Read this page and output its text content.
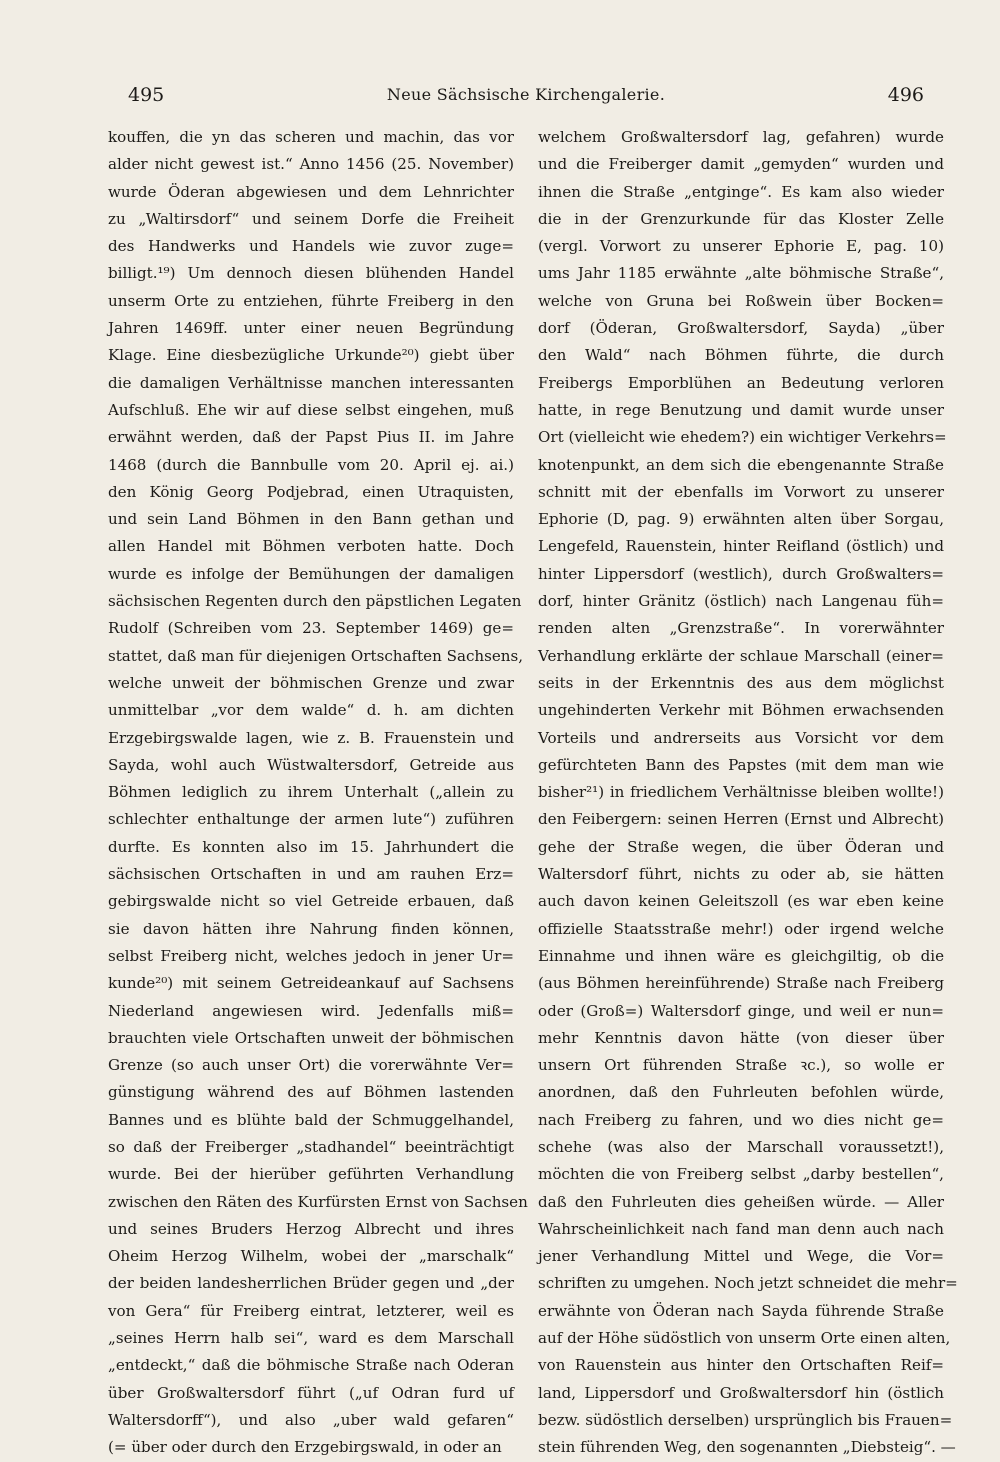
495	Neue Sächsische Kirchengalerie.	496
kouffen, die yn das scheren und machin, das vor
alder nicht gewest ist.“ Anno 1456 (25. November)
wurde Öderan abgewiesen und dem Lehnrichter
zu „Waltirsdorf“ und seinem Dorfe die Freiheit
des Handwerks und Handels wie zuvor zuge=
billigt.¹⁹) Um dennoch diesen blühenden Handel
unserm Orte zu entziehen, führte Freiberg in den
Jahren 1469ff. unter einer neuen Begründung
Klage. Eine diesbezügliche Urkunde²⁰) giebt über
die damaligen Verhältnisse manchen interessanten
Aufschluß. Ehe wir auf diese selbst eingehen, muß
erwähnt werden, daß der Papst Pius II. im Jahre
1468 (durch die Bannbulle vom 20. April ej. ai.)
den König Georg Podjebrad, einen Utraquisten,
und sein Land Böhmen in den Bann gethan und
allen Handel mit Böhmen verboten hatte. Doch
wurde es infolge der Bemühungen der damaligen
sächsischen Regenten durch den päpstlichen Legaten
Rudolf (Schreiben vom 23. September 1469) ge=
stattet, daß man für diejenigen Ortschaften Sachsens,
welche unweit der böhmischen Grenze und zwar
unmittelbar „vor dem walde“ d. h. am dichten
Erzgebirgswalde lagen, wie z. B. Frauenstein und
Sayda, wohl auch Wüstwaltersdorf, Getreide aus
Böhmen lediglich zu ihrem Unterhalt („allein zu
schlechter enthaltunge der armen lute“) zuführen
durfte. Es konnten also im 15. Jahrhundert die
sächsischen Ortschaften in und am rauhen Erz=
gebirgswalde nicht so viel Getreide erbauen, daß
sie davon hätten ihre Nahrung finden können,
selbst Freiberg nicht, welches jedoch in jener Ur=
kunde²⁰) mit seinem Getreideankauf auf Sachsens
Niederland angewiesen wird. Jedenfalls miß=
brauchten viele Ortschaften unweit der böhmischen
Grenze (so auch unser Ort) die vorerwähnte Ver=
günstigung während des auf Böhmen lastenden
Bannes und es blühte bald der Schmuggelhandel,
so daß der Freiberger „stadhandel“ beeinträchtigt
wurde. Bei der hierüber geführten Verhandlung
zwischen den Räten des Kurfürsten Ernst von Sachsen
und seines Bruders Herzog Albrecht und ihres
Oheim Herzog Wilhelm, wobei der „marschalk“
der beiden landesherrlichen Brüder gegen und „der
von Gera“ für Freiberg eintrat, letzterer, weil es
„seines Herrn halb sei“, ward es dem Marschall
„entdeckt,“ daß die böhmische Straße nach Oderan
über Großwaltersdorf führt („uf Odran furd uf
Waltersdorff“), und also „uber wald gefaren“
(= über oder durch den Erzgebirgswald, in oder an
welchem Großwaltersdorf lag, gefahren) wurde
und die Freiberger damit „gemyden“ wurden und
ihnen die Straße „entginge“. Es kam also wieder
die in der Grenzurkunde für das Kloster Zelle
(vergl. Vorwort zu unserer Ephorie E, pag. 10)
ums Jahr 1185 erwähnte „alte böhmische Straße“,
welche von Gruna bei Roßwein über Bocken=
dorf (Öderan, Großwaltersdorf, Sayda) „über
den Wald“ nach Böhmen führte, die durch
Freibergs Emporblühen an Bedeutung verloren
hatte, in rege Benutzung und damit wurde unser
Ort (vielleicht wie ehedem?) ein wichtiger Verkehrs=
knotenpunkt, an dem sich die ebengenannte Straße
schnitt mit der ebenfalls im Vorwort zu unserer
Ephorie (D, pag. 9) erwähnten alten über Sorgau,
Lengefeld, Rauenstein, hinter Reifland (östlich) und
hinter Lippersdorf (westlich), durch Großwalters=
dorf, hinter Gränitz (östlich) nach Langenau füh=
renden alten „Grenzstraße“. In vorerwähnter
Verhandlung erklärte der schlaue Marschall (einer=
seits in der Erkenntnis des aus dem möglichst
ungehinderten Verkehr mit Böhmen erwachsenden
Vorteils und andrerseits aus Vorsicht vor dem
gefürchteten Bann des Papstes (mit dem man wie
bisher²¹) in friedlichem Verhältnisse bleiben wollte!)
den Feibergern: seinen Herren (Ernst und Albrecht)
gehe der Straße wegen, die über Öderan und
Waltersdorf führt, nichts zu oder ab, sie hätten
auch davon keinen Geleitszoll (es war eben keine
offizielle Staatsstraße mehr!) oder irgend welche
Einnahme und ihnen wäre es gleichgiltig, ob die
(aus Böhmen hereinführende) Straße nach Freiberg
oder (Groß=) Waltersdorf ginge, und weil er nun=
mehr Kenntnis davon hätte (von dieser über
unsern Ort führenden Straße ꝛc.), so wolle er
anordnen, daß den Fuhrleuten befohlen würde,
nach Freiberg zu fahren, und wo dies nicht ge=
schehe (was also der Marschall voraussetzt!),
möchten die von Freiberg selbst „darby bestellen“,
daß den Fuhrleuten dies geheißen würde. — Aller
Wahrscheinlichkeit nach fand man denn auch nach
jener Verhandlung Mittel und Wege, die Vor=
schriften zu umgehen. Noch jetzt schneidet die mehr=
erwähnte von Öderan nach Sayda führende Straße
auf der Höhe südöstlich von unserm Orte einen alten,
von Rauenstein aus hinter den Ortschaften Reif=
land, Lippersdorf und Großwaltersdorf hin (östlich
bezw. südöstlich derselben) ursprünglich bis Frauen=
stein führenden Weg, den sogenannten „Diebsteig“. —
